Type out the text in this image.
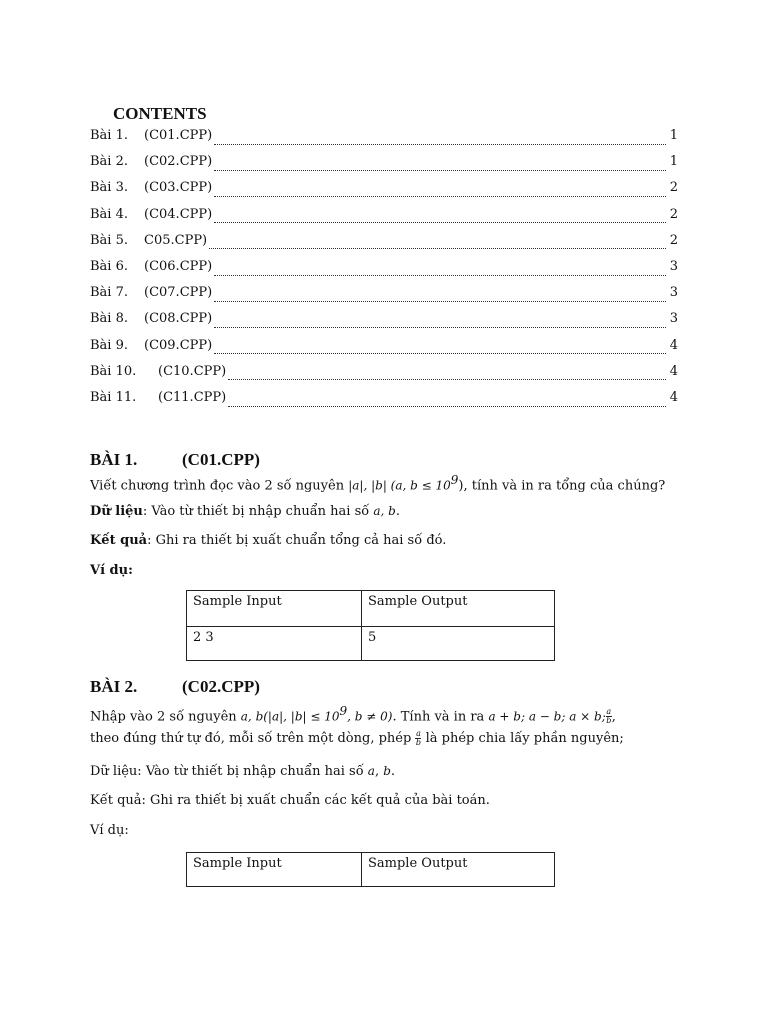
CONTENTS
Bài 1.	(C01.CPP)	1
Bài 2.	(C02.CPP)	1
Bài 3.	(C03.CPP)	2
Bài 4.	(C04.CPP)	2
Bài 5.	C05.CPP)	2
Bài 6.	(C06.CPP)	3
Bài 7.	(C07.CPP)	3
Bài 8.	(C08.CPP)	3
Bài 9.	(C09.CPP)	4
Bài 10.	(C10.CPP)	4
Bài 11.	(C11.CPP)	4
BÀI 1.	(C01.CPP)
Viết chương trình đọc vào 2 số nguyên |a|, |b| (a, $b \le 10^9$), tính và in ra tổng của chúng?
Dữ liệu: Vào từ thiết bị nhập chuẩn hai số a, b.
Kết quả: Ghi ra thiết bị xuất chuẩn tổng cả hai số đó.
Ví dụ:
Sample Input	Sample Output
2 3	5
BÀI 2.	(C02.CPP)
Nhập vào 2 số nguyên a, b(|a|, $|b| \le 10^9$, b ≠ 0). Tính và in ra a + b; a − b; a × b; $\frac{a}{b}$ ,
theo đúng thứ tự đó, mỗi số trên một dòng, phép $\frac{a}{b}$ là phép chia lấy phần nguyên;
Dữ liệu: Vào từ thiết bị nhập chuẩn hai số a, b.
Kết quả: Ghi ra thiết bị xuất chuẩn các kết quả của bài toán.
Ví dụ:
Sample Input	Sample Output
